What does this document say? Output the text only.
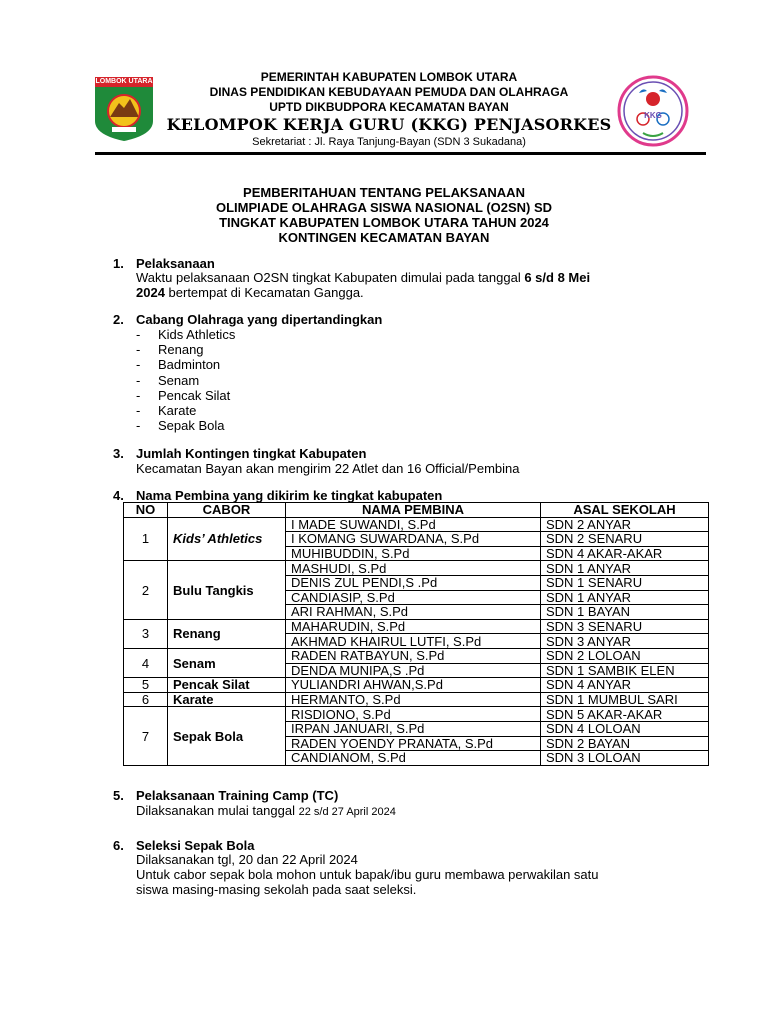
LOMBOK UTARA
KKG
PEMERINTAH KABUPATEN LOMBOK UTARA
DINAS PENDIDIKAN KEBUDAYAAN PEMUDA DAN OLAHRAGA
UPTD DIKBUDPORA KECAMATAN BAYAN
KELOMPOK KERJA GURU (KKG) PENJASORKES
Sekretariat : Jl. Raya Tanjung-Bayan (SDN 3 Sukadana)
PEMBERITAHUAN TENTANG PELAKSANAAN
OLIMPIADE OLAHRAGA SISWA NASIONAL (O2SN) SD
TINGKAT KABUPATEN LOMBOK UTARA TAHUN 2024
KONTINGEN KECAMATAN BAYAN
1. Pelaksanaan
Waktu pelaksanaan O2SN tingkat Kabupaten dimulai pada tanggal 6 s/d 8 Mei
2024 bertempat di Kecamatan Gangga.
2. Cabang Olahraga yang dipertandingkan
- Kids Athletics
- Renang
- Badminton
- Senam
- Pencak Silat
- Karate
- Sepak Bola
3. Jumlah Kontingen tingkat Kabupaten
Kecamatan Bayan akan mengirim 22 Atlet dan 16 Official/Pembina
4. Nama Pembina yang dikirim ke tingkat kabupaten
NO	CABOR	NAMA PEMBINA	ASAL SEKOLAH
1	Kids’ Athletics	I MADE SUWANDI, S.Pd	SDN 2 ANYAR
		I KOMANG SUWARDANA, S.Pd	SDN 2 SENARU
		MUHIBUDDIN, S.Pd	SDN 4 AKAR-AKAR
2	Bulu Tangkis	MASHUDI, S.Pd	SDN 1 ANYAR
		DENIS ZUL PENDI,S .Pd	SDN 1 SENARU
		CANDIASIP, S.Pd	SDN 1 ANYAR
		ARI RAHMAN, S.Pd	SDN 1 BAYAN
3	Renang	MAHARUDIN, S.Pd	SDN 3 SENARU
		AKHMAD KHAIRUL LUTFI, S.Pd	SDN 3 ANYAR
4	Senam	RADEN RATBAYUN, S.Pd	SDN 2 LOLOAN
		DENDA MUNIPA,S .Pd	SDN 1 SAMBIK ELEN
5	Pencak Silat	YULIANDRI AHWAN,S.Pd	SDN 4 ANYAR
6	Karate	HERMANTO, S.Pd	SDN 1 MUMBUL SARI
7	Sepak Bola	RISDIONO, S.Pd	SDN 5 AKAR-AKAR
		IRPAN JANUARI, S.Pd	SDN 4 LOLOAN
		RADEN YOENDY PRANATA, S.Pd	SDN 2 BAYAN
		CANDIANOM, S.Pd	SDN 3 LOLOAN
5. Pelaksanaan Training Camp (TC)
Dilaksanakan mulai tanggal 22 s/d 27 April 2024
6. Seleksi Sepak Bola
Dilaksanakan tgl, 20 dan 22 April 2024
Untuk cabor sepak bola mohon untuk bapak/ibu guru membawa perwakilan satu
siswa masing-masing sekolah pada saat seleksi.
